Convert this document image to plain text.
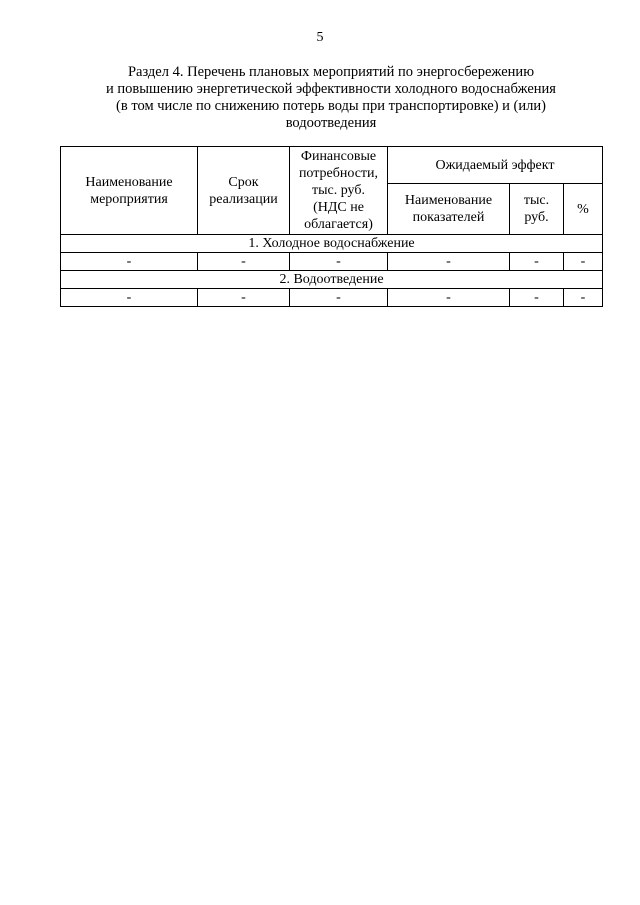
5
Раздел 4. Перечень плановых мероприятий по энергосбережению
и повышению энергетической эффективности холодного водоснабжения
(в том числе по снижению потерь воды при транспортировке) и (или)
водоотведения
Наименование мероприятия	Срок реализации	Финансовые
потребности,
тыс. руб.
(НДС не
облагается)	Ожидаемый эффект		
			Наименование показателей	тыс. руб.	%
1. Холодное водоснабжение					
-	-	-	-	-	-
2. Водоотведение					
-	-	-	-	-	-
